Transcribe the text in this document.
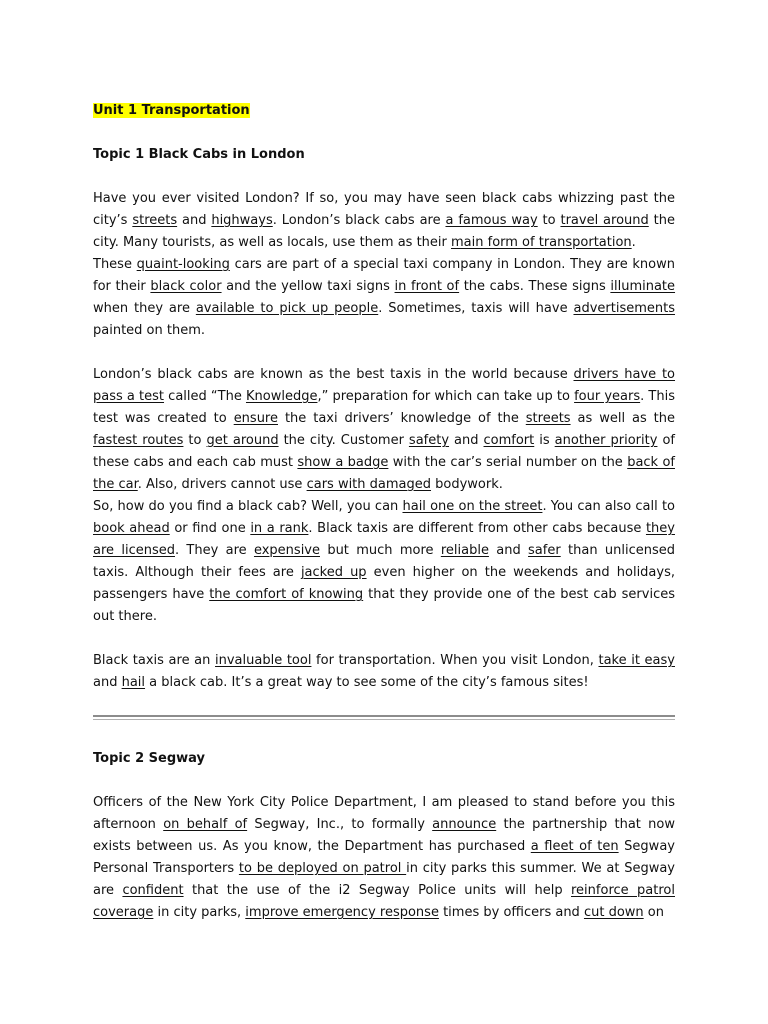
Unit 1 Transportation

Topic 1 Black Cabs in London

Have you ever visited London? If so, you may have seen black cabs whizzing past the city’s streets and highways. London’s black cabs are a famous way to travel around the city. Many tourists, as well as locals, use them as their main form of transportation.

These quaint-looking cars are part of a special taxi company in London. They are known for their black color and the yellow taxi signs in front of the cabs. These signs illuminate when they are available to pick up people. Sometimes, taxis will have advertisements painted on them.

London’s black cabs are known as the best taxis in the world because drivers have to pass a test called “The Knowledge,” preparation for which can take up to four years. This test was created to ensure the taxi drivers’ knowledge of the streets as well as the fastest routes to get around the city. Customer safety and comfort is another priority of these cabs and each cab must show a badge with the car’s serial number on the back of the car. Also, drivers cannot use cars with damaged bodywork.

So, how do you find a black cab? Well, you can hail one on the street. You can also call to book ahead or find one in a rank. Black taxis are different from other cabs because they are licensed. They are expensive but much more reliable and safer than unlicensed taxis. Although their fees are jacked up even higher on the weekends and holidays, passengers have the comfort of knowing that they provide one of the best cab services out there.

Black taxis are an invaluable tool for transportation. When you visit London, take it easy and hail a black cab. It’s a great way to see some of the city’s famous sites!

Topic 2 Segway

Officers of the New York City Police Department, I am pleased to stand before you this afternoon on behalf of Segway, Inc., to formally announce the partnership that now exists between us. As you know, the Department has purchased a fleet of ten Segway Personal Transporters to be deployed on patrol in city parks this summer. We at Segway are confident that the use of the i2 Segway Police units will help reinforce patrol coverage in city parks, improve emergency response times by officers and cut down on
